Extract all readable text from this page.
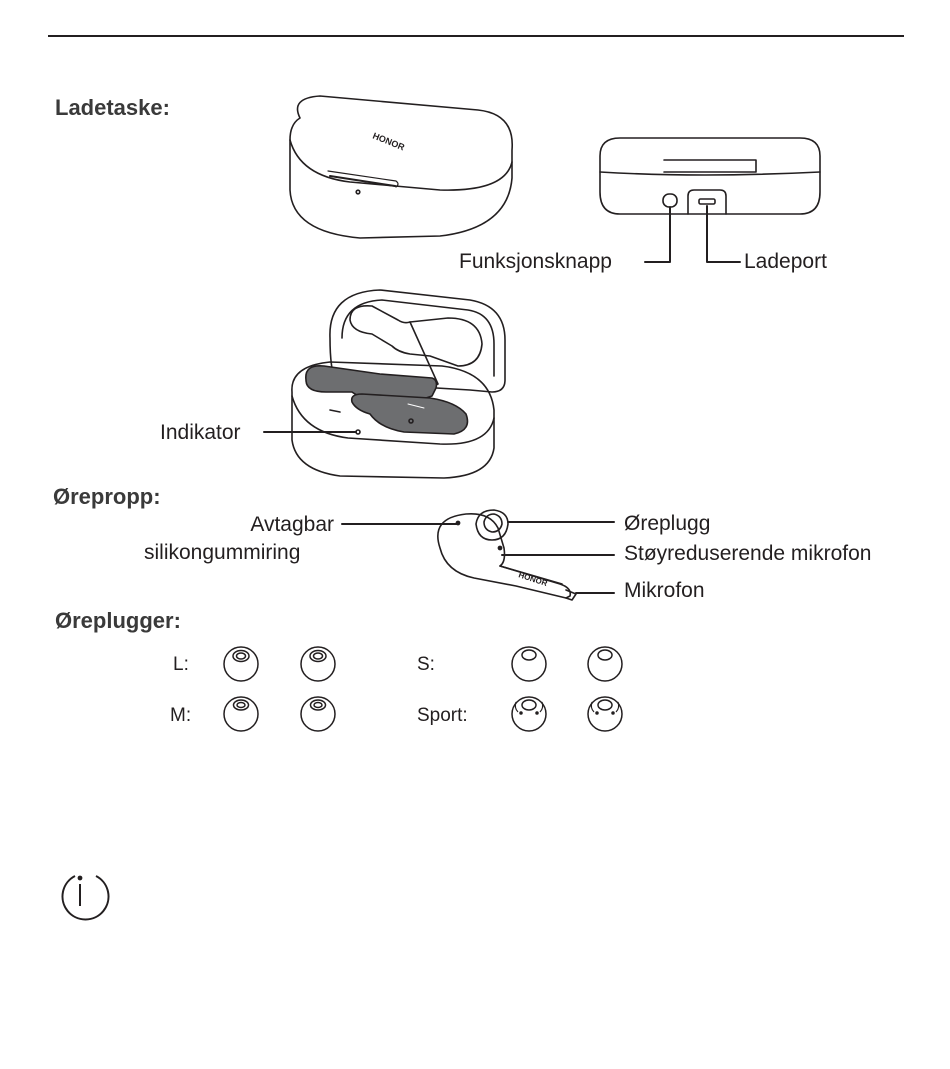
Ladetaske:
HONOR
Funksjonsknapp	Ladeport
Indikator
Ørepropp:
Avtagbar
silikongummiring
Øreplugg
Støyreduserende mikrofon
Mikrofon
HONOR
Øreplugger:
L:	S:
M:	Sport:
